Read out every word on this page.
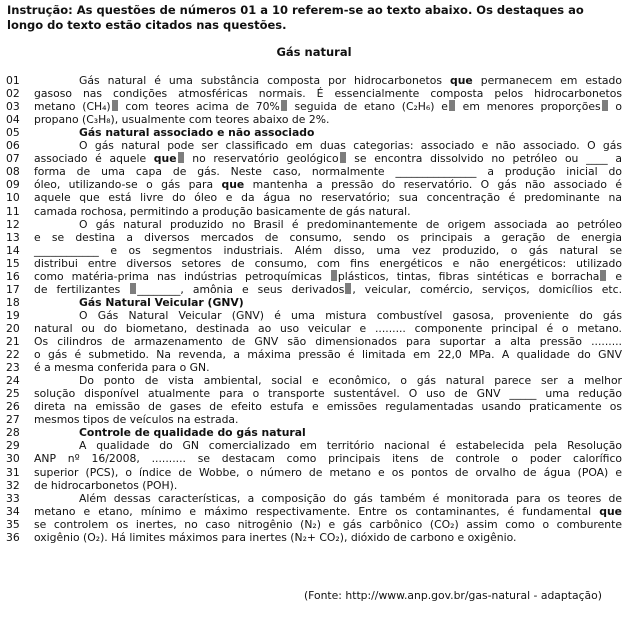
Instrução: As questões de números 01 a 10 referem-se ao texto abaixo. Os destaques ao longo do texto estão citados nas questões.
Gás natural
01	Gás natural é uma substância composta por hidrocarbonetos que permanecem em estado
02	gasoso nas condições atmosféricas normais. É essencialmente composta pelos hidrocarbonetos
03	metano (CH₄) com teores acima de 70% seguida de etano (C₂H₆) e em menores proporções o
04	propano (C₃H₈), usualmente com teores abaixo de 2%.
05	Gás natural associado e não associado
06	O gás natural pode ser classificado em duas categorias: associado e não associado. O gás
07	associado é aquele que no reservatório geológico se encontra dissolvido no petróleo ou ____ a
08	forma de uma capa de gás. Neste caso, normalmente _______________ a produção inicial do
09	óleo, utilizando-se o gás para que mantenha a pressão do reservatório. O gás não associado é
10	aquele que está livre do óleo e da água no reservatório; sua concentração é predominante na
11	camada rochosa, permitindo a produção basicamente de gás natural.
12	O gás natural produzido no Brasil é predominantemente de origem associada ao petróleo
13	e se destina a diversos mercados de consumo, sendo os principais a geração de energia
14	____________ e os segmentos industriais. Além disso, uma vez produzido, o gás natural se
15	distribui entre diversos setores de consumo, com fins energéticos e não energéticos: utilizado
16	como matéria-prima nas indústrias petroquímicas plásticos, tintas, fibras sintéticas e borracha e
17	de fertilizantes ________, amônia e seus derivados , veicular, comércio, serviços, domicílios etc.
18	Gás Natural Veicular (GNV)
19	O Gás Natural Veicular (GNV) é uma mistura combustível gasosa, proveniente do gás
20	natural ou do biometano, destinada ao uso veicular e ......... componente principal é o metano.
21	Os cilindros de armazenamento de GNV são dimensionados para suportar a alta pressão .........
22	o gás é submetido. Na revenda, a máxima pressão é limitada em 22,0 MPa. A qualidade do GNV
23	é a mesma conferida para o GN.
24	Do ponto de vista ambiental, social e econômico, o gás natural parece ser a melhor
25	solução disponível atualmente para o transporte sustentável. O uso de GNV _____ uma redução
26	direta na emissão de gases de efeito estufa e emissões regulamentadas usando praticamente os
27	mesmos tipos de veículos na estrada.
28	Controle de qualidade do gás natural
29	A qualidade do GN comercializado em território nacional é estabelecida pela Resolução
30	ANP nº 16/2008, .......... se destacam como principais itens de controle o poder calorífico
31	superior (PCS), o índice de Wobbe, o número de metano e os pontos de orvalho de água (POA) e
32	de hidrocarbonetos (POH).
33	Além dessas características, a composição do gás também é monitorada para os teores de
34	metano e etano, mínimo e máximo respectivamente. Entre os contaminantes, é fundamental que
35	se controlem os inertes, no caso nitrogênio (N₂) e gás carbônico (CO₂) assim como o comburente
36	oxigênio (O₂). Há limites máximos para inertes (N₂+ CO₂), dióxido de carbono e oxigênio.
(Fonte: http://www.anp.gov.br/gas-natural - adaptação)
